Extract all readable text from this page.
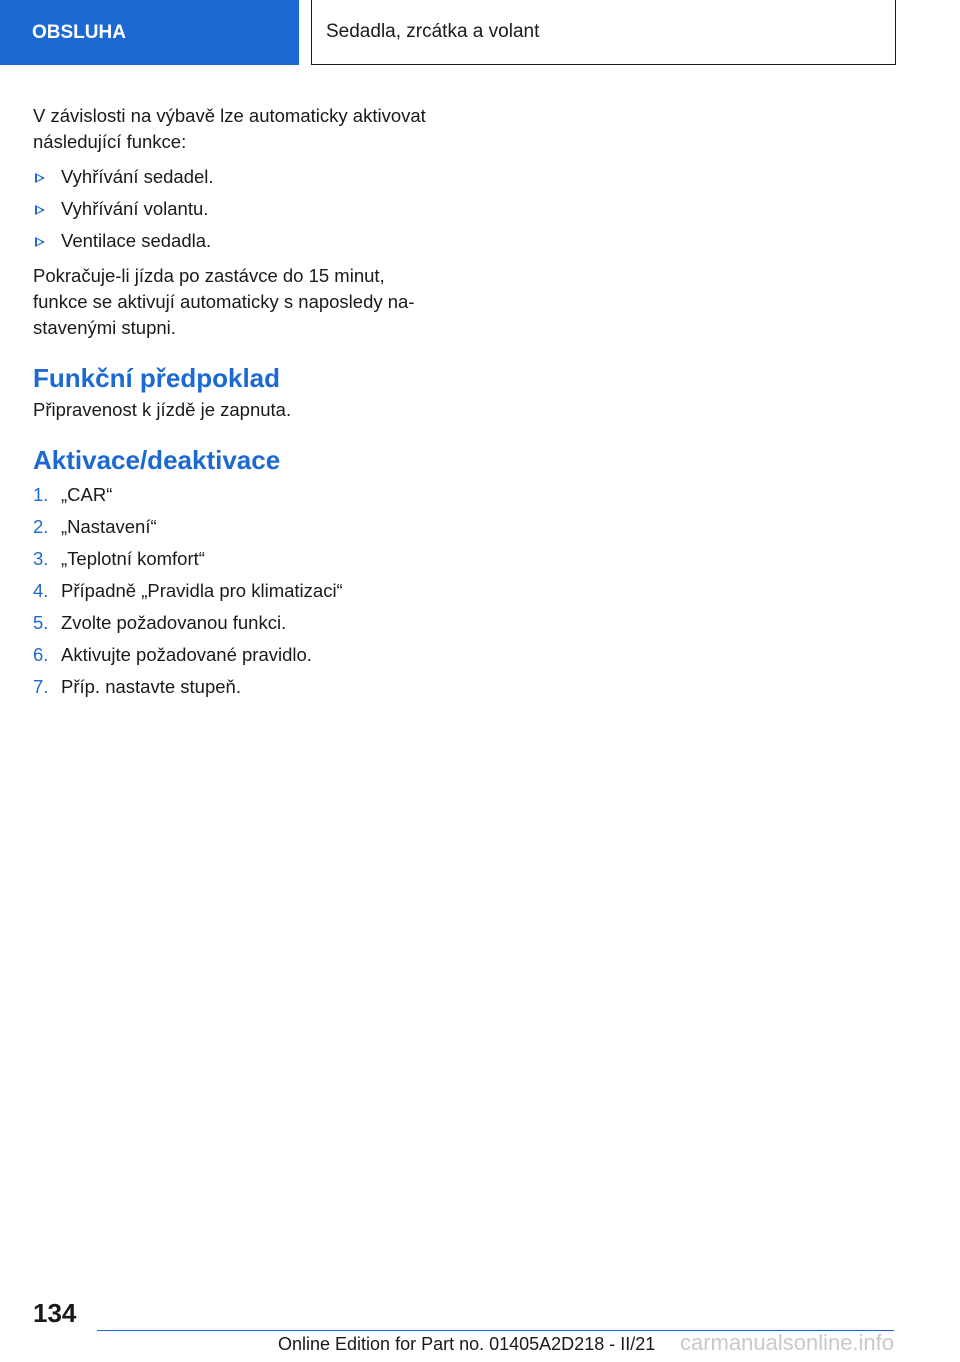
OBSLUHA	Sedadla, zrcátka a volant

V závislosti na výbavě lze automaticky aktivovat následující funkce:

Vyhřívání sedadel.
Vyhřívání volantu.
Ventilace sedadla.

Pokračuje-li jízda po zastávce do 15 minut, funkce se aktivují automaticky s naposledy na-stavenými stupni.

Funkční předpoklad

Připravenost k jízdě je zapnuta.

Aktivace/deaktivace
1. „CAR“
2. „Nastavení“
3. „Teplotní komfort“
4. Případně „Pravidla pro klimatizaci“
5. Zvolte požadovanou funkci.
6. Aktivujte požadované pravidlo.
7. Příp. nastavte stupeň.
134
Online Edition for Part no. 01405A2D218 - II/21 carmanualsonline.info
